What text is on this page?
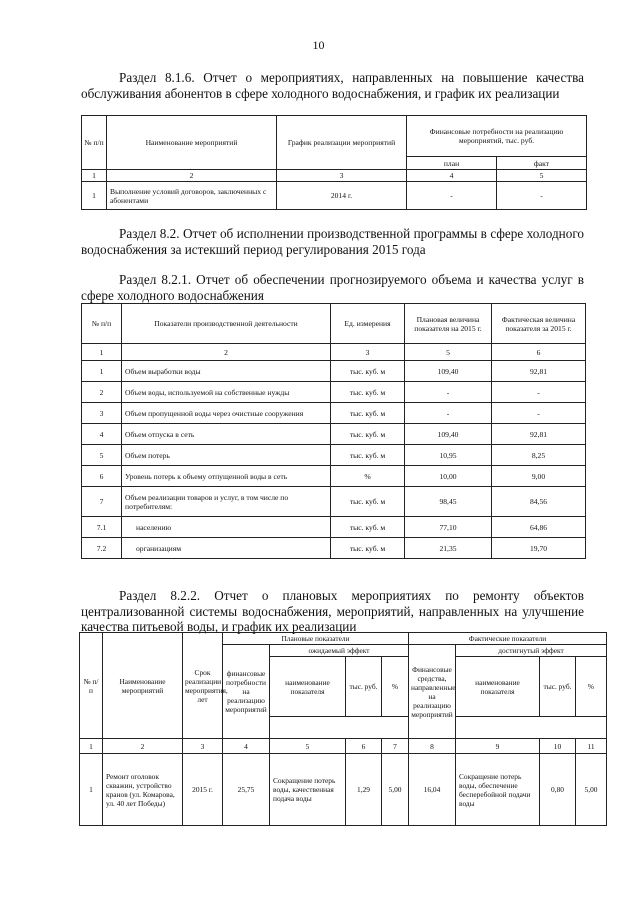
10
Раздел 8.1.6. Отчет о мероприятиях, направленных на повышение качества обслуживания абонентов в сфере холодного водоснабжения, и график их реализации
№ п/п	Наименование мероприятий	График реализации мероприятий	Финансовые потребности на реализацию мероприятий, тыс. руб.	
			план	факт
1	2	3	4	5
1	Выполнение условий договоров, заключенных с абонентами	2014 г.	-	-
Раздел 8.2. Отчет об исполнении производственной программы в сфере холодного водоснабжения за истекший период регулирования 2015 года
Раздел 8.2.1. Отчет об обеспечении прогнозируемого объема и качества услуг в сфере холодного водоснабжения
№ п/п	Показатели производственной деятельности	Ед. измерения	Плановая величина показателя на 2015 г.	Фактическая величина показателя за 2015 г.
1	2	3	5	6
1	Объем выработки воды	тыс. куб. м	109,40	92,81
2	Объем воды, используемой на собственные нужды	тыс. куб. м	-	-
3	Объем пропущенной воды через очистные сооружения	тыс. куб. м	-	-
4	Объем отпуска в сеть	тыс. куб. м	109,40	92,81
5	Объем потерь	тыс. куб. м	10,95	8,25
6	Уровень потерь к объему отпущенной воды в сеть	%	10,00	9,00
7	Объем реализации товаров и услуг, в том числе по потребителям:	тыс. куб. м	98,45	84,56
7.1	населению	тыс. куб. м	77,10	64,86
7.2	организациям	тыс. куб. м	21,35	19,70
Раздел 8.2.2. Отчет о плановых мероприятиях по ремонту объектов централизованной системы водоснабжения, мероприятий, направленных на улучшение качества питьевой воды, и график их реализации
№ п/ п	Наименование мероприятий	Срок реализации мероприятия, лет	Плановые показатели				Фактические показатели			
			финансовые потребности на реализацию мероприятий	ожидаемый эффект			Финансовые средства, направленные на реализацию мероприятий	достигнутый эффект		
				наименование показателя	тыс. руб.	%		наименование показателя	тыс. руб.	%

1	2	3	4	5	6	7	8	9	10	11
1	Ремонт оголовок скважин, устройство кранов (ул. Комарова, ул. 40 лет Победы)	2015 г.	25,75	Сокращение потерь воды, качественная подача воды	1,29	5,00	16,04	Сокращение потерь воды, обеспечение бесперебойной подачи воды	0,80	5,00
